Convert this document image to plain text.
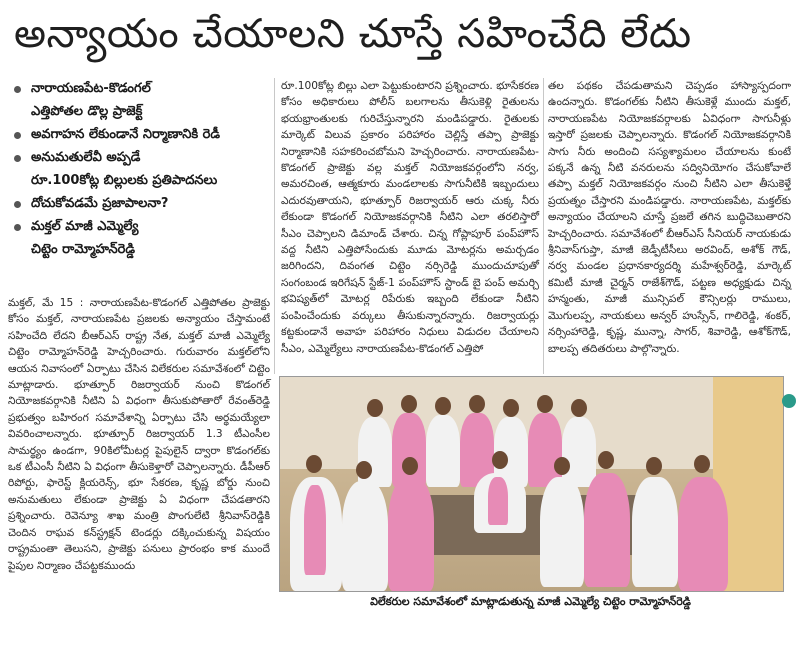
అన్యాయం చేయాలని చూస్తే సహించేది లేదు
నారాయణపేట-కొడంగల్
ఎత్తిపోతల డొల్ల ప్రాజెక్ట్
అవగాహన లేకుండానే నిర్మాణానికి రెడీ
అనుమతులేవీ అప్పడే
రూ.100కోట్ల బిల్లులకు ప్రతిపాదనలు
దోచుకోవడమే ప్రజాపాలనా?
మక్తల్ మాజీ ఎమ్మెల్యే
చిట్టెం రామ్మోహన్‌రెడ్డి
మక్తల్, మే 15 : నారాయణపేట-కొడంగల్ ఎత్తిపోతల ప్రాజెక్టు కోసం మక్తల్, నారాయణపేట ప్రజలకు అన్యాయం చేస్తామంటే సహించేది లేదని బీఆర్‌ఎస్ రాష్ట్ర నేత, మక్తల్ మాజీ ఎమ్మెల్యే చిట్టెం రామ్మోహన్‌రెడ్డి హెచ్చరించారు. గురువారం మక్తల్‌లోని ఆయన నివాసంలో ఏర్పాటు చేసిన విలేకరుల సమావేశంలో చిట్టెం మాట్లాడారు. భూత్పూర్ రిజర్వాయర్ నుంచి కొడంగల్ నియోజకవర్గానికి నీటిని ఏ విధంగా తీసుకుపోతారో రేవంత్‌రెడ్డి ప్రభుత్వం బహిరంగ సమావేశాన్ని ఏర్పాటు చేసి అర్థమయ్యేలా వివరించాలన్నారు. భూత్పూర్ రిజర్వాయర్ 1.3 టీఎంసీల సామర్థ్యం ఉండగా, 90కిలోమీటర్ల పైపులైన్ ద్వారా కొడంగల్‌కు ఒక టీఎంసీ నీటిని ఏ విధంగా తీసుకెళ్తారో చెప్పాలన్నారు. డీపీఆర్ రిపోర్టు, ఫారెస్ట్ క్లియరెన్స్, భూ సేకరణ, కృష్ణ బోర్డు నుంచి అనుమతులు లేకుండా ప్రాజెక్టు ఏ విధంగా చేపడతారని ప్రశ్నించారు. రెవెన్యూ శాఖ మంత్రి పొంగులేటి శ్రీనివాస్‌రెడ్డికి చెందిన రాఘవ కన్‌స్ట్రక్షన్ టెండర్లు దక్కించుకున్న విషయం రాష్ట్రమంతా తెలుసని, ప్రాజెక్టు పనులు ప్రారంభం కాక ముందే పైపుల నిర్మాణం చేపట్టకముందు
రూ.100కోట్ల బిల్లు ఎలా పెట్టుకుంటారని ప్రశ్నించారు. భూసేకరణ కోసం అధికారులు పోలీస్ బలగాలను తీసుకెళ్లి రైతులను భయభ్రాంతులకు గురిచేస్తున్నారని మండిపడ్డారు. రైతులకు మార్కెట్ విలువ ప్రకారం పరిహారం చెల్లిస్తే తప్పా ప్రాజెక్టు నిర్మాణానికి సహకరించబోమని హెచ్చరించారు. నారాయణపేట-కొడంగల్ ప్రాజెక్టు వల్ల మక్తల్ నియోజకవర్గంలోని నర్వ, అమరచింత, ఆత్మకూరు మండలాలకు సాగునీటికి ఇబ్బందులు ఎదురవుతాయని, భూత్పూర్ రిజర్వాయర్ ఆరు చుక్క నీరు లేకుండా కొడంగల్ నియోజకవర్గానికి నీటిని ఎలా తరలిస్తారో సీఎం చెప్పాలని డిమాండ్ చేశారు. చిన్న గోప్లాపూర్ పంప్‌హౌస్ వద్ద నీటిని ఎత్తిపోసేందుకు మూడు మోటర్లను అమర్చడం జరిగిందని, దివంగత చిట్టెం నర్సిరెడ్డి ముందుచూపుతో సంగంబండ ఇరిగేషన్ స్టేజ్-1 పంప్‌హౌస్ స్టాండ్ బై పంప్ అమర్చి భవిష్యత్‌లో మోటర్ల రిపేరుకు ఇబ్బంది లేకుండా నీటిని పంపించేందుకు వర్కులు తీసుకున్నారన్నారు. రిజర్వాయర్లు కట్టకుండానే అవాహ పరిహారం నిధులు విడుదల చేయాలని సీఎం, ఎమ్మెల్యేలు నారాయణపేట-కొడంగల్ ఎత్తిపో
తల పథకం చేపడుతామని చెప్పడం హాస్యాస్పదంగా ఉందన్నారు. కొడంగల్‌కు నీటిని తీసుకెళ్లే ముందు మక్తల్, నారాయణపేట నియోజకవర్గాలకు ఏవిధంగా సాగునీళ్లు ఇస్తారో ప్రజలకు చెప్పాలన్నారు. కొడంగల్ నియోజకవర్గానికి సాగు నీరు అందించి సస్యశ్యామలం చేయాలను కుంటే పక్కనే ఉన్న నీటి వనరులను సద్వినియోగం చేసుకోవాలే తప్పా మక్తల్ నియోజకవర్గం నుంచి నీటిని ఎలా తీసుకెళ్తే ప్రయత్నం చేస్తారని మండిపడ్డారు. నారాయణపేట, మక్తల్‌కు అన్యాయం చేయాలని చూస్తే ప్రజలే తగిన బుద్ధిచెబుతారని హెచ్చరించారు. సమావేశంలో బీఆర్‌ఎస్ సీనియర్ నాయకుడు శ్రీనివాస్‌గుప్తా, మాజీ జెడ్పీటీసీలు అరవింద్, అశోక్ గౌడ్, నర్వ మండల ప్రధానకార్యదర్శి మహేశ్వర్‌రెడ్డి, మార్కెట్ కమిటీ మాజీ చైర్మన్ రాజేశ్‌గౌడ్, పట్టణ అధ్యక్షుడు చిన్న హన్మంతు, మాజీ మున్సిపల్ కౌన్సిలర్లు రాములు, మొగులప్ప, నాయకులు అన్వర్ హుస్సేన్, గాలిరెడ్డి, శంకర్, నర్సింహారెడ్డి, కృష్ణ, మున్నా, సాగర్, శివారెడ్డి, ఆశోక్‌గౌడ్, బాలప్ప తదితరులు పాల్గొన్నారు.
విలేకరుల సమావేశంలో మాట్లాడుతున్న మాజీ ఎమ్మెల్యే చిట్టెం రామ్మోహన్‌రెడ్డి
